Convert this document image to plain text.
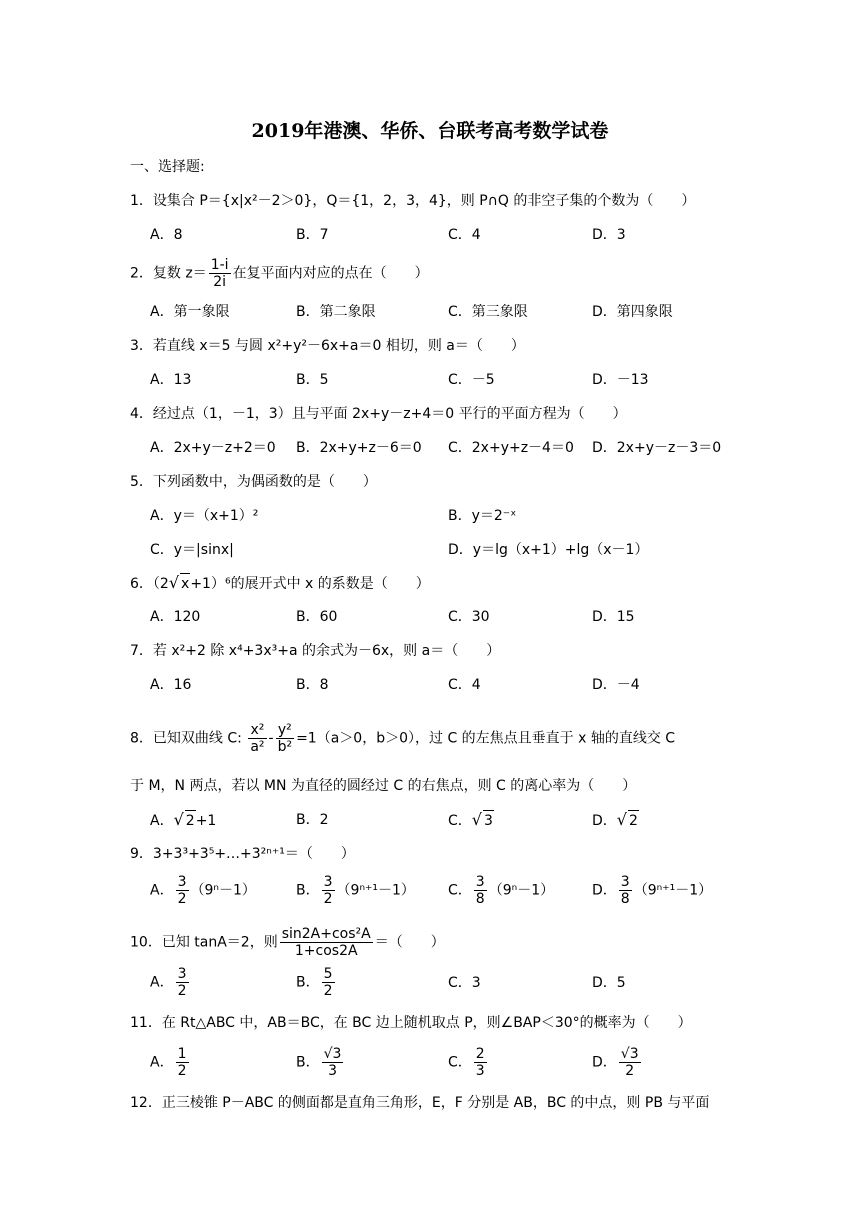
2019年港澳、华侨、台联考高考数学试卷
一、选择题:
1．设集合 P＝{x|x²－2＞0}，Q＝{1，2，3，4}，则 P∩Q 的非空子集的个数为（　　）
A．8	B．7	C．4	D．3
2．复数 $z= \frac{1-i}{2i}$ 在复平面内对应的点在（　　）
A．第一象限	B．第二象限	C．第三象限	D．第四象限
3．若直线 x＝5 与圆 x²+y²－6x+a＝0 相切，则 a＝（　　）
A．13	B．5	C．－5	D．－13
4．经过点（1，－1，3）且与平面 2x+y－z+4＝0 平行的平面方程为（　　）
A．2x+y－z+2＝0 B．2x+y+z－6＝0 C．2x+y+z－4＝0 D．2x+y－z－3＝0
5．下列函数中，为偶函数的是（　　）
A．y＝（x+1）²	B．y＝2⁻ˣ
C．y＝|sinx|	D．y＝lg（x+1）+lg（x－1）
6．（2√ x+1）⁶的展开式中 x 的系数是（　　）
A．120	B．60	C．30	D．15
7．若 x²+2 除 x⁴+3x³+a 的余式为－6x，则 a＝（　　）
A．16	B．8	C．4	D．－4
8．已知双曲线 C: $\frac{\text{x²}}{\text{a²}} - \frac{\text{y²}}{\text{b²}} =1(a>0$，b＞0），过 C 的左焦点且垂直于 x 轴的直线交 C
于 M，N 两点，若以 MN 为直径的圆经过 C 的右焦点，则 C 的离心率为（　　）
A．√ 2+1	B．2	C．√ 3	D．√ 2
9．3+3³+3⁵+…+3²ⁿ⁺¹＝（　　）
A． $\frac{3}{2} (9^n-1)$	B． $\frac{3}{2} (9^{n+1}-1)$ C． $\frac{3}{8} (9^n-1)$	D． $\frac{3}{8} (9^{n+1}-1)$
10．已知 tanA＝2，则 $\frac{\text{sin2A+cos²A}}{1+\cos 2A}$ ＝（　　）
A． $\frac{3}{2}$	B． $\frac{5}{2}$	C．3	D．5
11．在 Rt△ABC 中，AB＝BC，在 BC 边上随机取点 P，则∠BAP＜30°的概率为（　　）
A． $\frac{1}{2}$	B． $\frac{√3}{3}$	C． $\frac{2}{3}$	D． $\frac{√3}{2}$
12．正三棱锥 P－ABC 的侧面都是直角三角形，E，F 分别是 AB，BC 的中点，则 PB 与平面
